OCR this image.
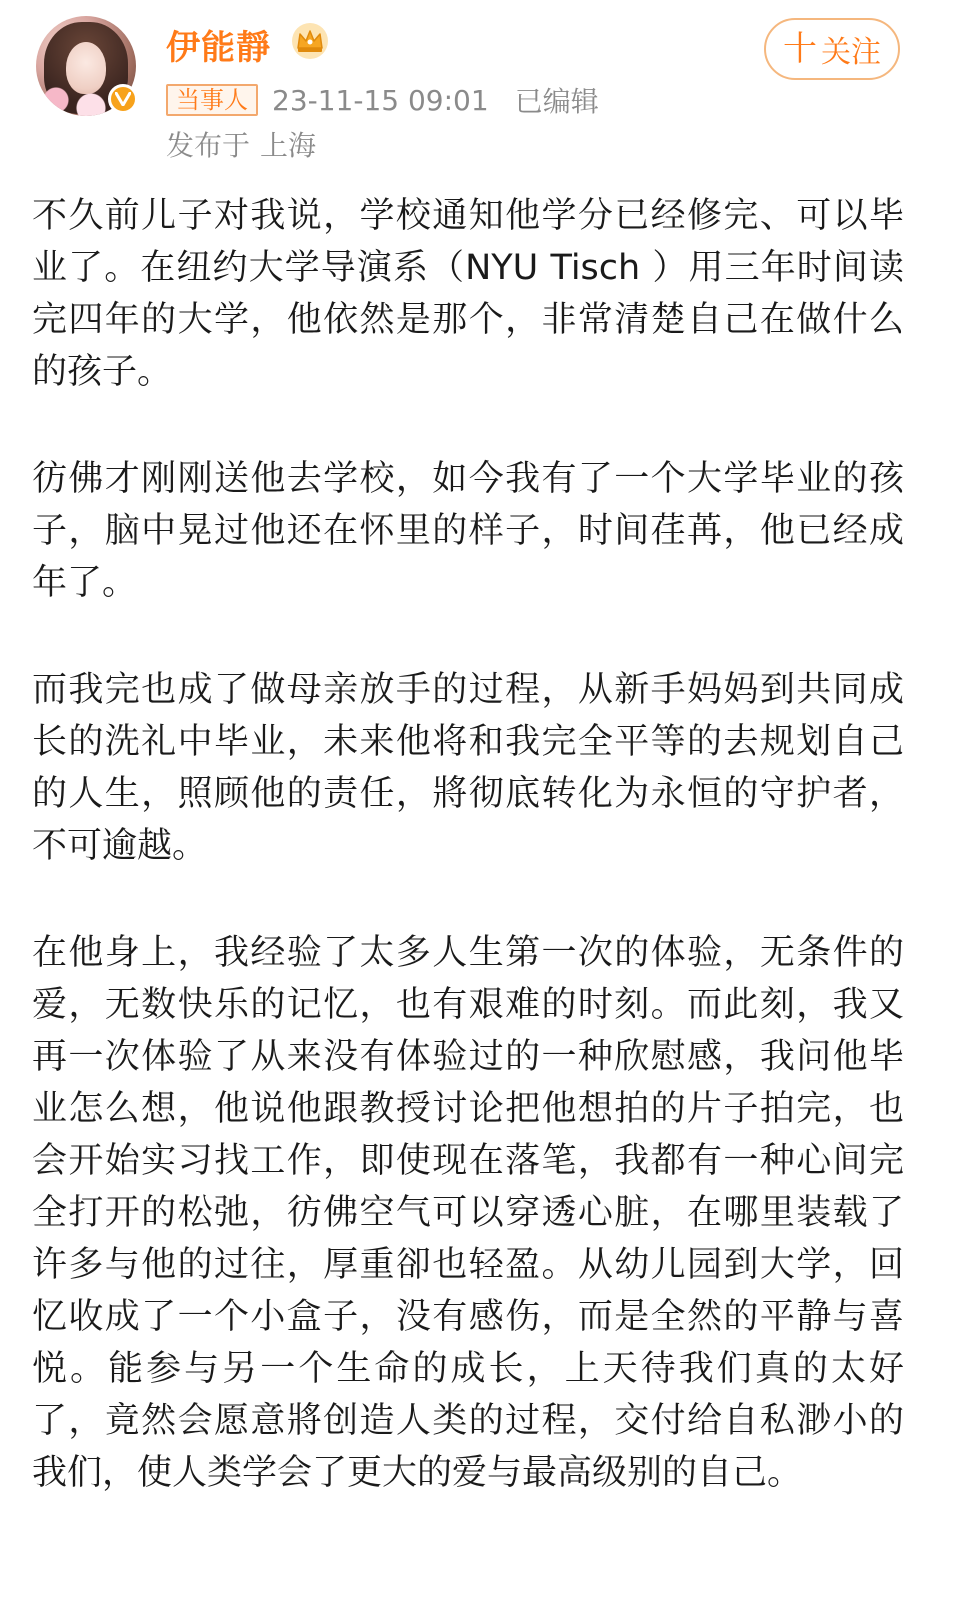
伊能靜	十 关注
当事人 23-11-15 09:01 已编辑
发布于 上海

不久前儿子对我说，学校通知他学分已经修完、可以毕业了。在纽约大学导演系（NYU Tisch ）用三年时间读完四年的大学，他依然是那个，非常清楚自己在做什么的孩子。

彷佛才刚刚送他去学校，如今我有了一个大学毕业的孩子，脑中晃过他还在怀里的样子，时间荏苒，他已经成年了。

而我完也成了做母亲放手的过程，从新手妈妈到共同成长的洗礼中毕业，未来他将和我完全平等的去规划自己的人生，照顾他的责任，將彻底转化为永恒的守护者，不可逾越。

在他身上，我经验了太多人生第一次的体验，无条件的爱，无数快乐的记忆，也有艰难的时刻。而此刻，我又再一次体验了从来没有体验过的一种欣慰感，我问他毕业怎么想，他说他跟教授讨论把他想拍的片子拍完，也会开始实习找工作，即使现在落笔，我都有一种心间完全打开的松弛，彷佛空气可以穿透心脏，在哪里装载了许多与他的过往，厚重卻也轻盈。从幼儿园到大学，回忆收成了一个小盒子，没有感伤，而是全然的平静与喜悦。能参与另一个生命的成长，上天待我们真的太好了，竟然会愿意將创造人类的过程，交付给自私渺小的我们，使人类学会了更大的爱与最高级别的自己。
